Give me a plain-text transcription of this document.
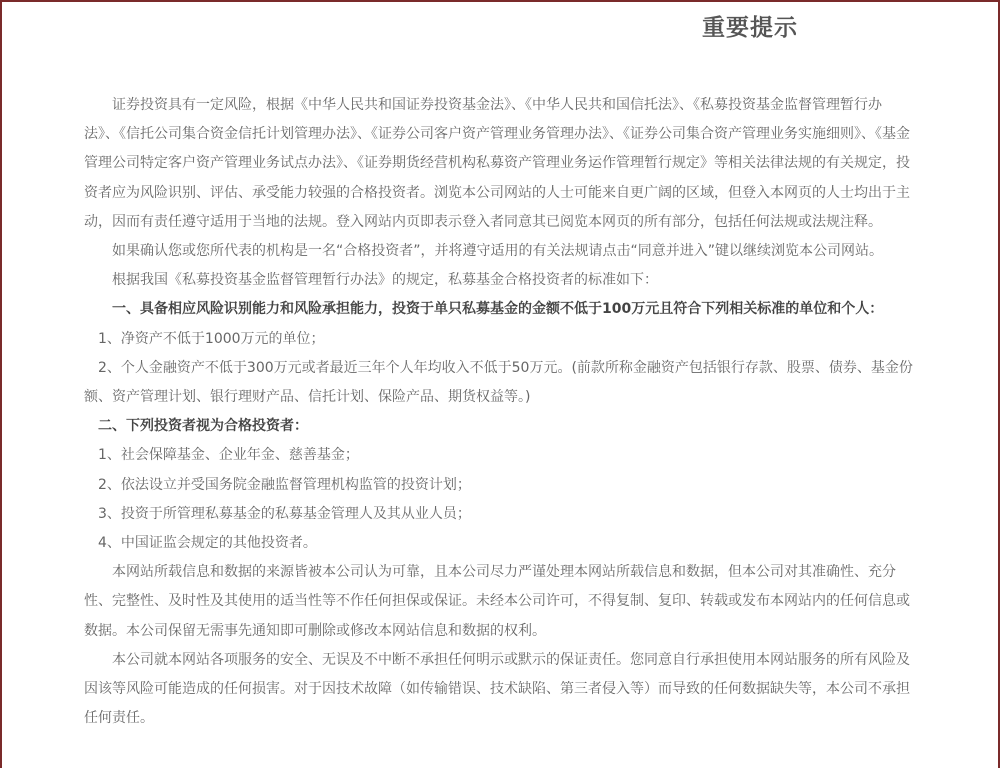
重要提示

证券投资具有一定风险，根据《中华人民共和国证券投资基金法》、《中华人民共和国信托法》、《私募投资基金监督管理暂行办法》、《信托公司集合资金信托计划管理办法》、《证券公司客户资产管理业务管理办法》、《证券公司集合资产管理业务实施细则》、《基金管理公司特定客户资产管理业务试点办法》、《证券期货经营机构私募资产管理业务运作管理暂行规定》等相关法律法规的有关规定，投资者应为风险识别、评估、承受能力较强的合格投资者。浏览本公司网站的人士可能来自更广阔的区域，但登入本网页的人士均出于主动，因而有责任遵守适用于当地的法规。登入网站内页即表示登入者同意其已阅览本网页的所有部分，包括任何法规或法规注释。

如果确认您或您所代表的机构是一名“合格投资者”，并将遵守适用的有关法规请点击“同意并进入”键以继续浏览本公司网站。

根据我国《私募投资基金监督管理暂行办法》的规定，私募基金合格投资者的标准如下：

一、具备相应风险识别能力和风险承担能力，投资于单只私募基金的金额不低于100万元且符合下列相关标准的单位和个人：

1、净资产不低于1000万元的单位；

2、个人金融资产不低于300万元或者最近三年个人年均收入不低于50万元。(前款所称金融资产包括银行存款、股票、债券、基金份额、资产管理计划、银行理财产品、信托计划、保险产品、期货权益等。)

二、下列投资者视为合格投资者：

1、社会保障基金、企业年金、慈善基金；

2、依法设立并受国务院金融监督管理机构监管的投资计划；

3、投资于所管理私募基金的私募基金管理人及其从业人员；

4、中国证监会规定的其他投资者。

本网站所载信息和数据的来源皆被本公司认为可靠，且本公司尽力严谨处理本网站所载信息和数据，但本公司对其准确性、充分性、完整性、及时性及其使用的适当性等不作任何担保或保证。未经本公司许可，不得复制、复印、转载或发布本网站内的任何信息或数据。本公司保留无需事先通知即可删除或修改本网站信息和数据的权利。

本公司就本网站各项服务的安全、无误及不中断不承担任何明示或默示的保证责任。您同意自行承担使用本网站服务的所有风险及因该等风险可能造成的任何损害。对于因技术故障（如传输错误、技术缺陷、第三者侵入等）而导致的任何数据缺失等，本公司不承担任何责任。
